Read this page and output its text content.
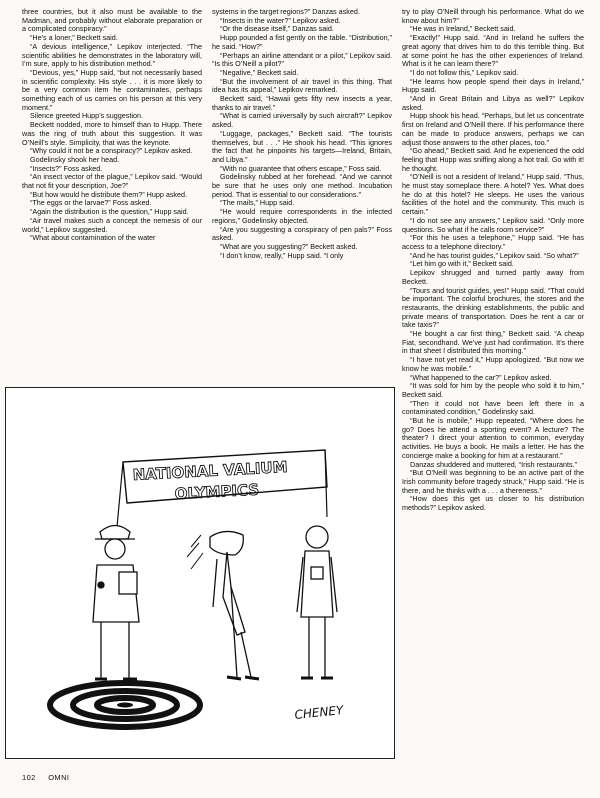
three countries, but it also must be available to the Madman, and probably without elaborate preparation or a complicated conspiracy.”

“He’s a loner,” Beckett said.

“A devious intelligence,” Lepikov interjected. “The scientific abilities he demonstrates in the laboratory will, I’m sure, apply to his distribution method.”

“Devious, yes,” Hupp said, “but not necessarily based in scientific complexity. His style . . . it is more likely to be a very common item he contaminates, perhaps something each of us carries on his person at this very moment.”

Silence greeted Hupp’s suggestion.

Beckett nodded, more to himself than to Hupp. There was the ring of truth about this suggestion. It was O’Neill’s style. Simplicity, that was the keynote.

“Why could it not be a conspiracy?” Lepikov asked.

Godelinsky shook her head.

“Insects?” Foss asked.

“An insect vector of the plague,” Lepikov said. “Would that not fit your description, Joe?”

“But how would he distribute them?” Hupp asked.

“The eggs or the larvae?” Foss asked.

“Again the distribution is the question,” Hupp said.

“Air travel makes such a concept the nemesis of our world,” Lepikov suggested.

“What about contamination of the water

systems in the target regions?” Danzas asked.

“Insects in the water?” Lepikov asked.

“Or the disease itself,” Danzas said.

Hupp pounded a fist gently on the table. “Distribution,” he said. “How?”

“Perhaps an airline attendant or a pilot,” Lepikov said. “Is this O’Neill a pilot?”

“Negative,” Beckett said.

“But the involvement of air travel in this thing. That idea has its appeal,” Lepikov remarked.

Beckett said, “Hawaii gets fifty new insects a year, thanks to air travel.”

“What is carried universally by such aircraft?” Lepikov asked.

“Luggage, packages,” Beckett said. “The tourists themselves, but . . .” He shook his head. “This ignores the fact that he pinpoints his targets—Ireland, Britain, and Libya.”

“With no guarantee that others escape,” Foss said.

Godelinsky rubbed at her forehead. “And we cannot be sure that he uses only one method. Incubation period. That is essential to our considerations.”

“The mails,” Hupp said.

“He would require correspondents in the infected regions,” Godelinsky objected.

“Are you suggesting a conspiracy of pen pals?” Foss asked.

“What are you suggesting?” Beckett asked.

“I don’t know, really,” Hupp said. “I only

try to play O’Neill through his performance. What do we know about him?”

“He was in Ireland,” Beckett said.

“Exactly!” Hupp said. “And in Ireland he suffers the great agony that drives him to do this terrible thing. But at some point he has the other experiences of Ireland. What is it he can learn there?”

“I do not follow this,” Lepikov said.

“He learns how people spend their days in Ireland,” Hupp said.

“And in Great Britain and Libya as well?” Lepikov asked.

Hupp shook his head. “Perhaps, but let us concentrate first on Ireland and O’Neill there. If his performance there can be made to produce answers, perhaps we can adjust those answers to the other places, too.”

“Go ahead,” Beckett said. And he experienced the odd feeling that Hupp was sniffing along a hot trail. Go with it! he thought.

“O’Neill is not a resident of Ireland,” Hupp said. “Thus, he must stay someplace there. A hotel? Yes. What does he do at this hotel? He sleeps. He uses the various facilities of the hotel and the community. This much is certain.”

“I do not see any answers,” Lepikov said. “Only more questions. So what if he calls room service?”

“For this he uses a telephone,” Hupp said. “He has access to a telephone directory.”

“And he has tourist guides,” Lepikov said. “So what?”

“Let him go with it,” Beckett said.

Lepikov shrugged and turned partly away from Beckett.

“Tours and tourist guides, yes!” Hupp said. “That could be important. The colorful brochures, the stores and the restaurants, the drinking establishments, the public and private means of transportation. Does he rent a car or take taxis?”

“He bought a car first thing,” Beckett said. “A cheap Fiat, secondhand. We’ve just had confirmation. It’s there in that sheet I distributed this morning.”

“I have not yet read it,” Hupp apologized. “But now we know he was mobile.”

“What happened to the car?” Lepikov asked.

“It was sold for him by the people who sold it to him,” Beckett said.

“Then it could not have been left there in a contaminated condition,” Godelinsky said.

“But he is mobile,” Hupp repeated. “Where does he go? Does he attend a sporting event? A lecture? The theater? I direct your attention to common, everyday activities. He buys a book. He mails a letter. He has the concierge make a booking for him at a restaurant.”

Danzas shuddered and muttered, “Irish restaurants.”

“But O’Neill was beginning to be an active part of the Irish community before tragedy struck,” Hupp said. “He is there, and he thinks with a . . . a thereness.”

“How does this get us closer to his distribution methods?” Lepikov asked.

NATIONAL VALIUM
OLYMPICS
CHENEY
102 OMNI
